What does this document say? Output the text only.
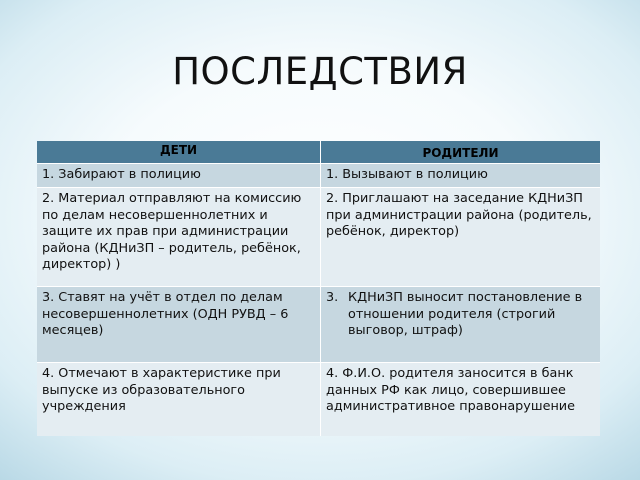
ПОСЛЕДСТВИЯ
ДЕТИ	РОДИТЕЛИ
1. Забирают в полицию	1. Вызывают в полицию
2. Материал отправляют на комиссию по делам несовершеннолетних и защите их прав при администрации района (КДНиЗП – родитель, ребёнок, директор) )	2. Приглашают на заседание КДНиЗП при администрации района (родитель, ребёнок, директор)
3. Ставят на учёт в отдел по делам несовершеннолетних (ОДН РУВД – 6 месяцев)	3. КДНиЗП выносит постановление в отношении родителя (строгий выговор, штраф)

4. Отмечают в характеристике при выпуске из образовательного учреждения	4. Ф.И.О. родителя заносится в банк данных РФ как лицо, совершившее административное правонарушение
